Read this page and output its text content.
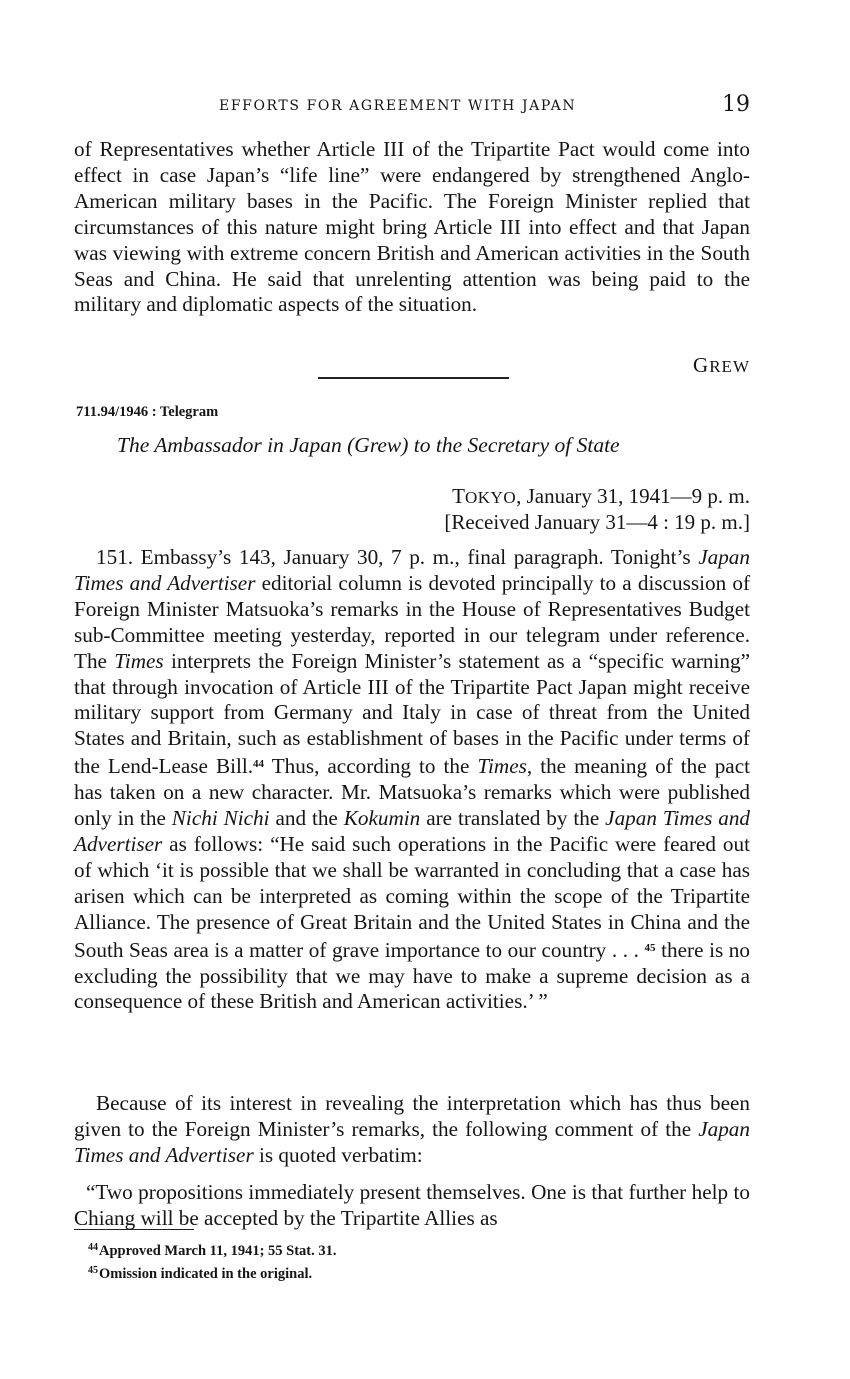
EFFORTS FOR AGREEMENT WITH JAPAN	19

of Representatives whether Article III of the Tripartite Pact would come into effect in case Japan’s “life line” were endangered by strengthened Anglo-American military bases in the Pacific. The Foreign Minister replied that circumstances of this nature might bring Article III into effect and that Japan was viewing with extreme concern British and American activities in the South Seas and China. He said that unrelenting attention was being paid to the military and diplomatic aspects of the situation.

GREW
711.94/1946 : Telegram
The Ambassador in Japan (Grew) to the Secretary of State
TOKYO, January 31, 1941—9 p. m.
[Received January 31—4 : 19 p. m.]

151. Embassy’s 143, January 30, 7 p. m., final paragraph. Tonight’s Japan Times and Advertiser editorial column is devoted principally to a discussion of Foreign Minister Matsuoka’s remarks in the House of Representatives Budget sub-Committee meeting yesterday, reported in our telegram under reference. The Times interprets the Foreign Minister’s statement as a “specific warning” that through invocation of Article III of the Tripartite Pact Japan might receive military support from Germany and Italy in case of threat from the United States and Britain, such as establishment of bases in the Pacific under terms of the Lend-Lease Bill.$^{44}$ Thus, according to the Times, the meaning of the pact has taken on a new character. Mr. Matsuoka’s remarks which were published only in the Nichi Nichi and the Kokumin are translated by the Japan Times and Advertiser as follows: “He said such operations in the Pacific were feared out of which ‘it is possible that we shall be warranted in concluding that a case has arisen which can be interpreted as coming within the scope of the Tripartite Alliance. The presence of Great Britain and the United States in China and the South Seas area is a matter of grave importance to our country . . . $^{45}$ there is no excluding the possibility that we may have to make a supreme decision as a consequence of these British and American activities.’ ”

Because of its interest in revealing the interpretation which has thus been given to the Foreign Minister’s remarks, the following comment of the Japan Times and Advertiser is quoted verbatim:

“Two propositions immediately present themselves. One is that further help to Chiang will be accepted by the Tripartite Allies as

$^{44}$Approved March 11, 1941; 55 Stat. 31.
$^{45}$Omission indicated in the original.
